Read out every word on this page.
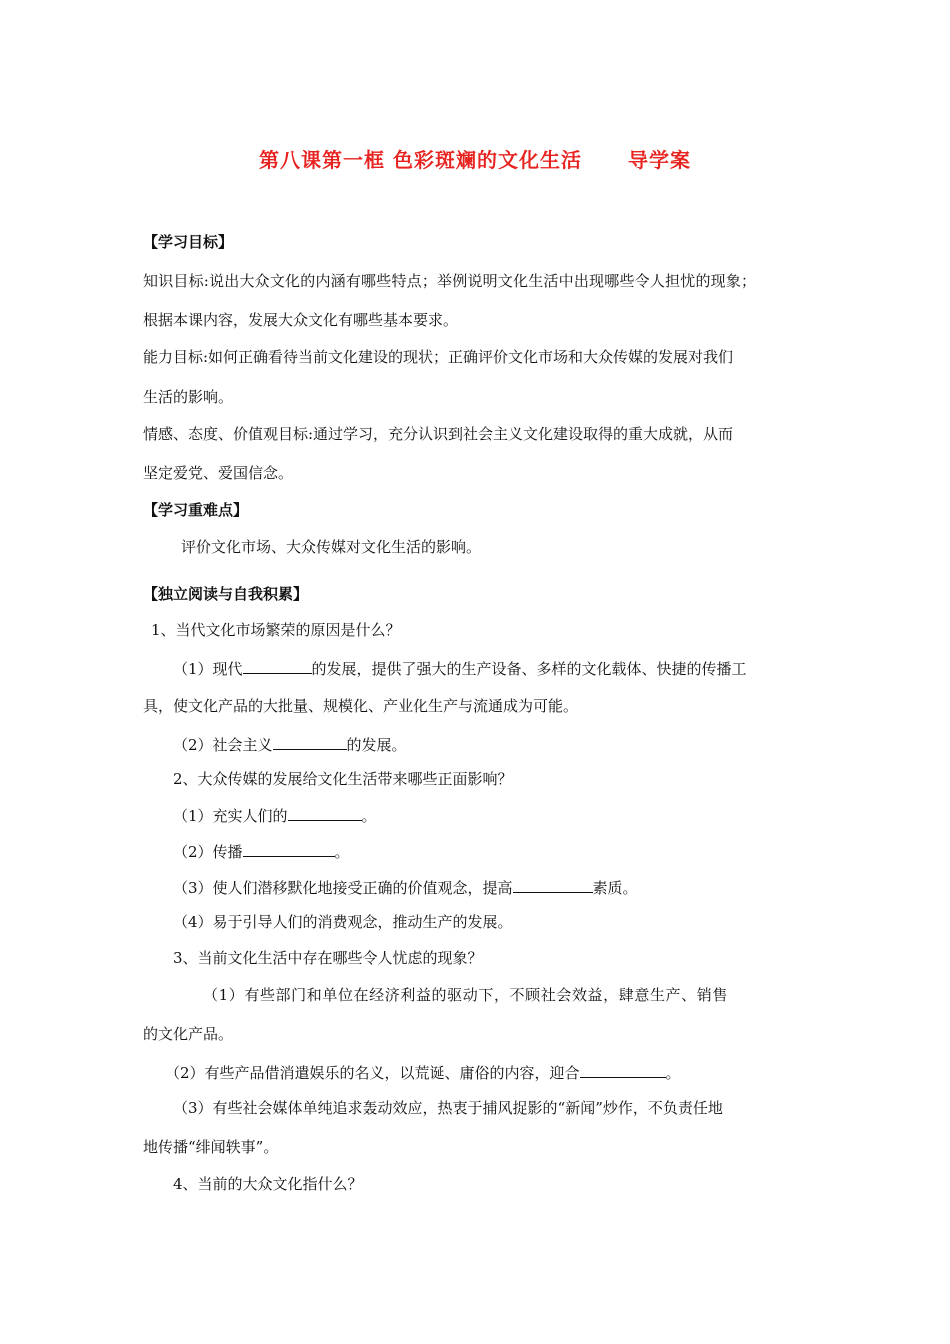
第八课第一框 色彩斑斓的文化生活 导学案
【学习目标】
知识目标:说出大众文化的内涵有哪些特点；举例说明文化生活中出现哪些令人担忧的现象；
根据本课内容，发展大众文化有哪些基本要求。
能力目标:如何正确看待当前文化建设的现状；正确评价文化市场和大众传媒的发展对我们
生活的影响。
情感、态度、价值观目标:通过学习，充分认识到社会主义文化建设取得的重大成就，从而
坚定爱党、爱国信念。
【学习重难点】
评价文化市场、大众传媒对文化生活的影响。
【独立阅读与自我积累】
1、当代文化市场繁荣的原因是什么？
（1）现代	的发展，提供了强大的生产设备、多样的文化载体、快捷的传播工
具，使文化产品的大批量、规模化、产业化生产与流通成为可能。
（2）社会主义	的发展。
2、大众传媒的发展给文化生活带来哪些正面影响？
（1）充实人们的	。
（2）传播	。
（3）使人们潜移默化地接受正确的价值观念，提高	素质。
（4）易于引导人们的消费观念，推动生产的发展。
3、当前文化生活中存在哪些令人忧虑的现象？
（1）有些部门和单位在经济利益的驱动下，不顾社会效益，肆意生产、销售
的文化产品。
（2）有些产品借消遣娱乐的名义，以荒诞、庸俗的内容，迎合	。
（3）有些社会媒体单纯追求轰动效应，热衷于捕风捉影的“新闻”炒作，不负责任地
地传播“绯闻轶事”。
4、当前的大众文化指什么？
